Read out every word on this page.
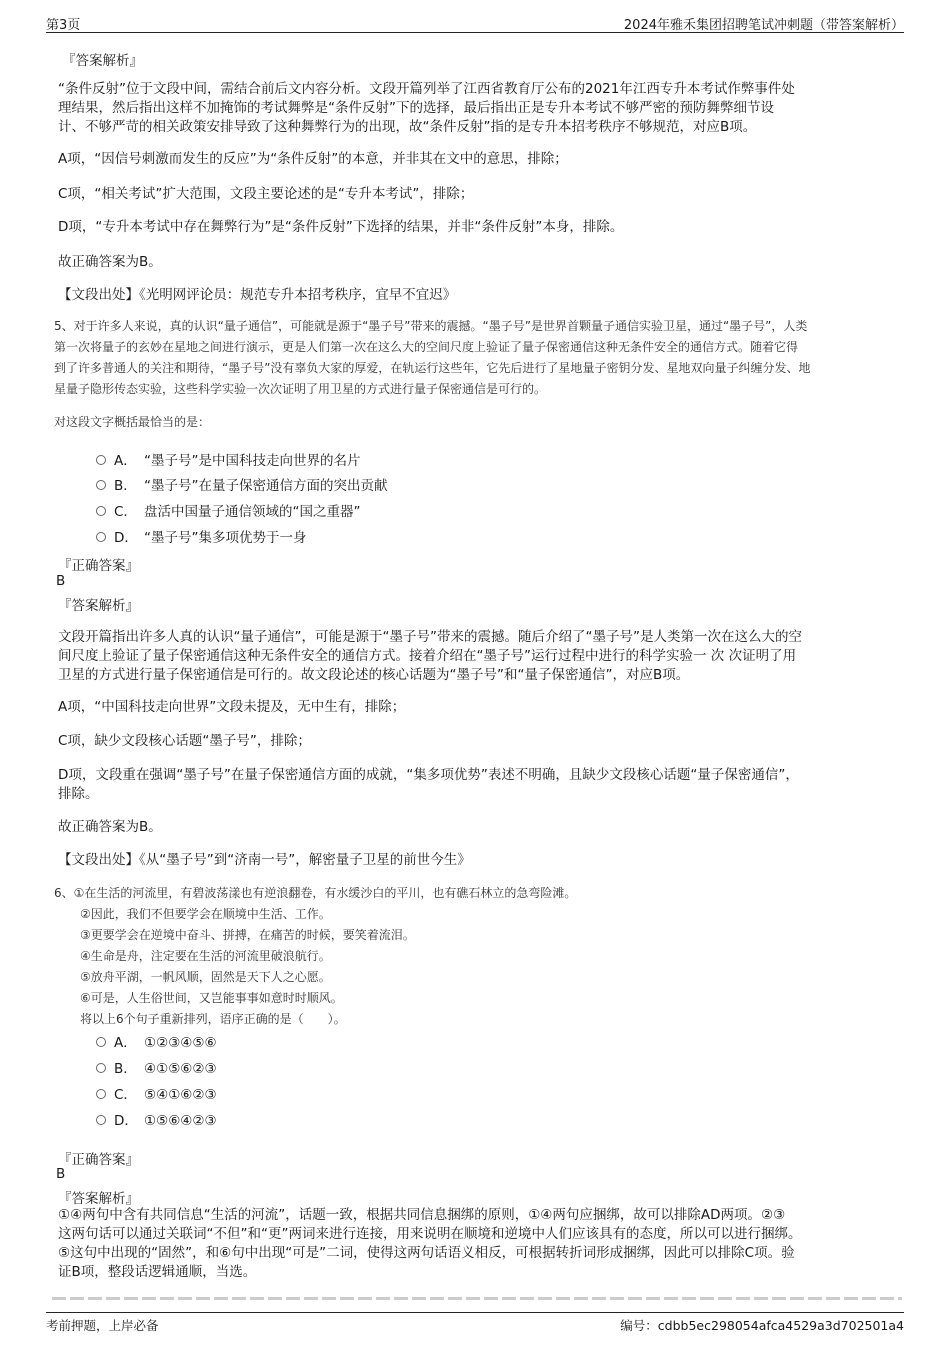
第3页	2024年雅禾集团招聘笔试冲刺题（带答案解析）
『答案解析』
“条件反射”位于文段中间，需结合前后文内容分析。文段开篇列举了江西省教育厅公布的2021年江西专升本考试作弊事件处
理结果，然后指出这样不加掩饰的考试舞弊是“条件反射”下的选择，最后指出正是专升本考试不够严密的预防舞弊细节设
计、不够严苛的相关政策安排导致了这种舞弊行为的出现，故“条件反射”指的是专升本招考秩序不够规范，对应B项。
A项，“因信号刺激而发生的反应”为“条件反射”的本意，并非其在文中的意思，排除；
C项，“相关考试”扩大范围，文段主要论述的是“专升本考试”，排除；
D项，“专升本考试中存在舞弊行为”是“条件反射”下选择的结果，并非“条件反射”本身，排除。
故正确答案为B。
【文段出处】《光明网评论员：规范专升本招考秩序，宜早不宜迟》
5、对于许多人来说，真的认识“量子通信”，可能就是源于“墨子号”带来的震撼。“墨子号”是世界首颗量子通信实验卫星，通过“墨子号”，人类
第一次将量子的玄妙在星地之间进行演示，更是人们第一次在这么大的空间尺度上验证了量子保密通信这种无条件安全的通信方式。随着它得
到了许多普通人的关注和期待，“墨子号”没有辜负大家的厚爱，在轨运行这些年，它先后进行了星地量子密钥分发、星地双向量子纠缠分发、地
星量子隐形传态实验，这些科学实验一次次证明了用卫星的方式进行量子保密通信是可行的。
对这段文字概括最恰当的是：
A． “墨子号”是中国科技走向世界的名片
B． “墨子号”在量子保密通信方面的突出贡献
C． 盘活中国量子通信领域的“国之重器”
D． “墨子号”集多项优势于一身
『正确答案』
B
『答案解析』
文段开篇指出许多人真的认识“量子通信”，可能是源于“墨子号”带来的震撼。随后介绍了“墨子号”是人类第一次在这么大的空
间尺度上验证了量子保密通信这种无条件安全的通信方式。接着介绍在“墨子号”运行过程中进行的科学实验一 次 次证明了用
卫星的方式进行量子保密通信是可行的。故文段论述的核心话题为“墨子号”和“量子保密通信”，对应B项。
A项，“中国科技走向世界”文段未提及，无中生有，排除；
C项，缺少文段核心话题“墨子号”，排除；
D项，文段重在强调“墨子号”在量子保密通信方面的成就，“集多项优势”表述不明确，且缺少文段核心话题“量子保密通信”，
排除。
故正确答案为B。
【文段出处】《从“墨子号”到“济南一号”，解密量子卫星的前世今生》
6、①在生活的河流里，有碧波荡漾也有逆浪翻卷，有水缓沙白的平川，也有礁石林立的急弯险滩。
②因此，我们不但要学会在顺境中生活、工作。
③更要学会在逆境中奋斗、拼搏，在痛苦的时候，要笑着流泪。
④生命是舟，注定要在生活的河流里破浪航行。
⑤放舟平湖，一帆风顺，固然是天下人之心愿。
⑥可是，人生俗世间，又岂能事事如意时时顺风。
将以上6个句子重新排列，语序正确的是（　　）。
A． ①②③④⑤⑥
B． ④①⑤⑥②③
C． ⑤④①⑥②③
D． ①⑤⑥④②③
『正确答案』
B
『答案解析』
①④两句中含有共同信息“生活的河流”，话题一致，根据共同信息捆绑的原则，①④两句应捆绑，故可以排除AD两项。②③
这两句话可以通过关联词“不但”和“更”两词来进行连接，用来说明在顺境和逆境中人们应该具有的态度，所以可以进行捆绑。
⑤这句中出现的“固然”，和⑥句中出现“可是”二词，使得这两句话语义相反，可根据转折词形成捆绑，因此可以排除C项。验
证B项，整段话逻辑通顺，当选。
考前押题，上岸必备	编号：cdbb5ec298054afca4529a3d702501a4
